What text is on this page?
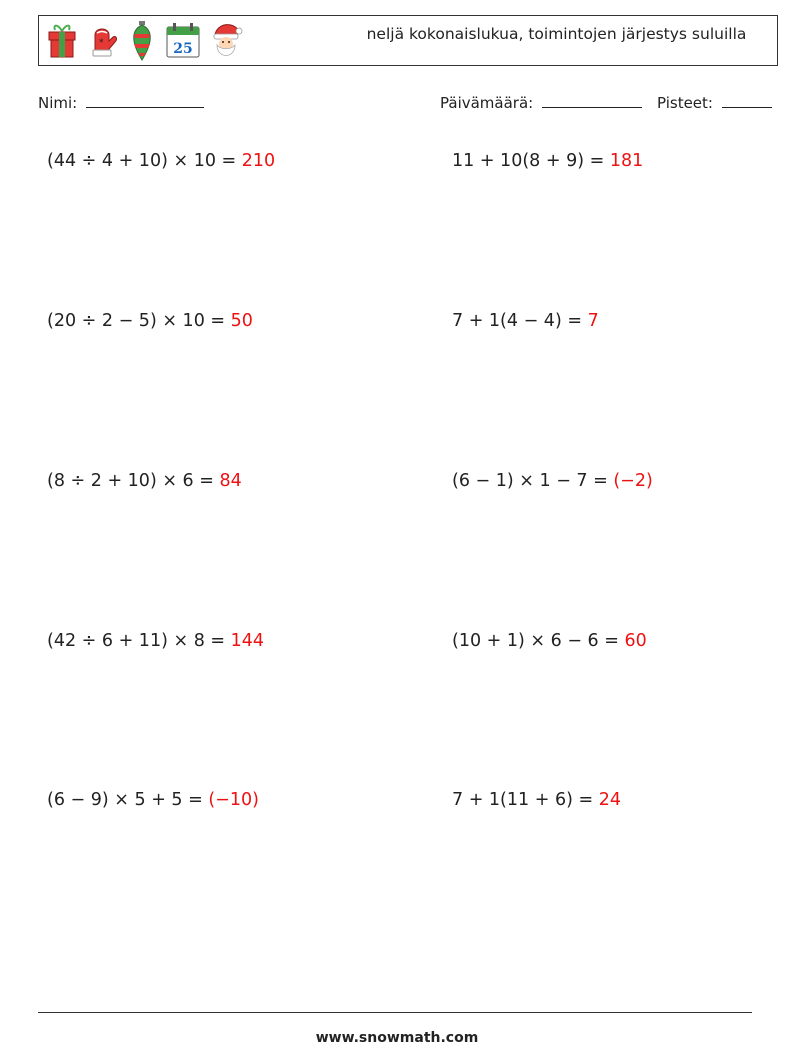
*	25
neljä kokonaislukua, toimintojen järjestys suluilla
Nimi:	Päivämäärä:	Pisteet:
(44 ÷ 4 + 10) × 10 = 210	11 + 10(8 + 9) = 181
(20 ÷ 2 − 5) × 10 = 50	7 + 1(4 − 4) = 7
(8 ÷ 2 + 10) × 6 = 84	(6 − 1) × 1 − 7 = (−2)
(42 ÷ 6 + 11) × 8 = 144	(10 + 1) × 6 − 6 = 60
(6 − 9) × 5 + 5 = (−10)	7 + 1(11 + 6) = 24
www.snowmath.com
